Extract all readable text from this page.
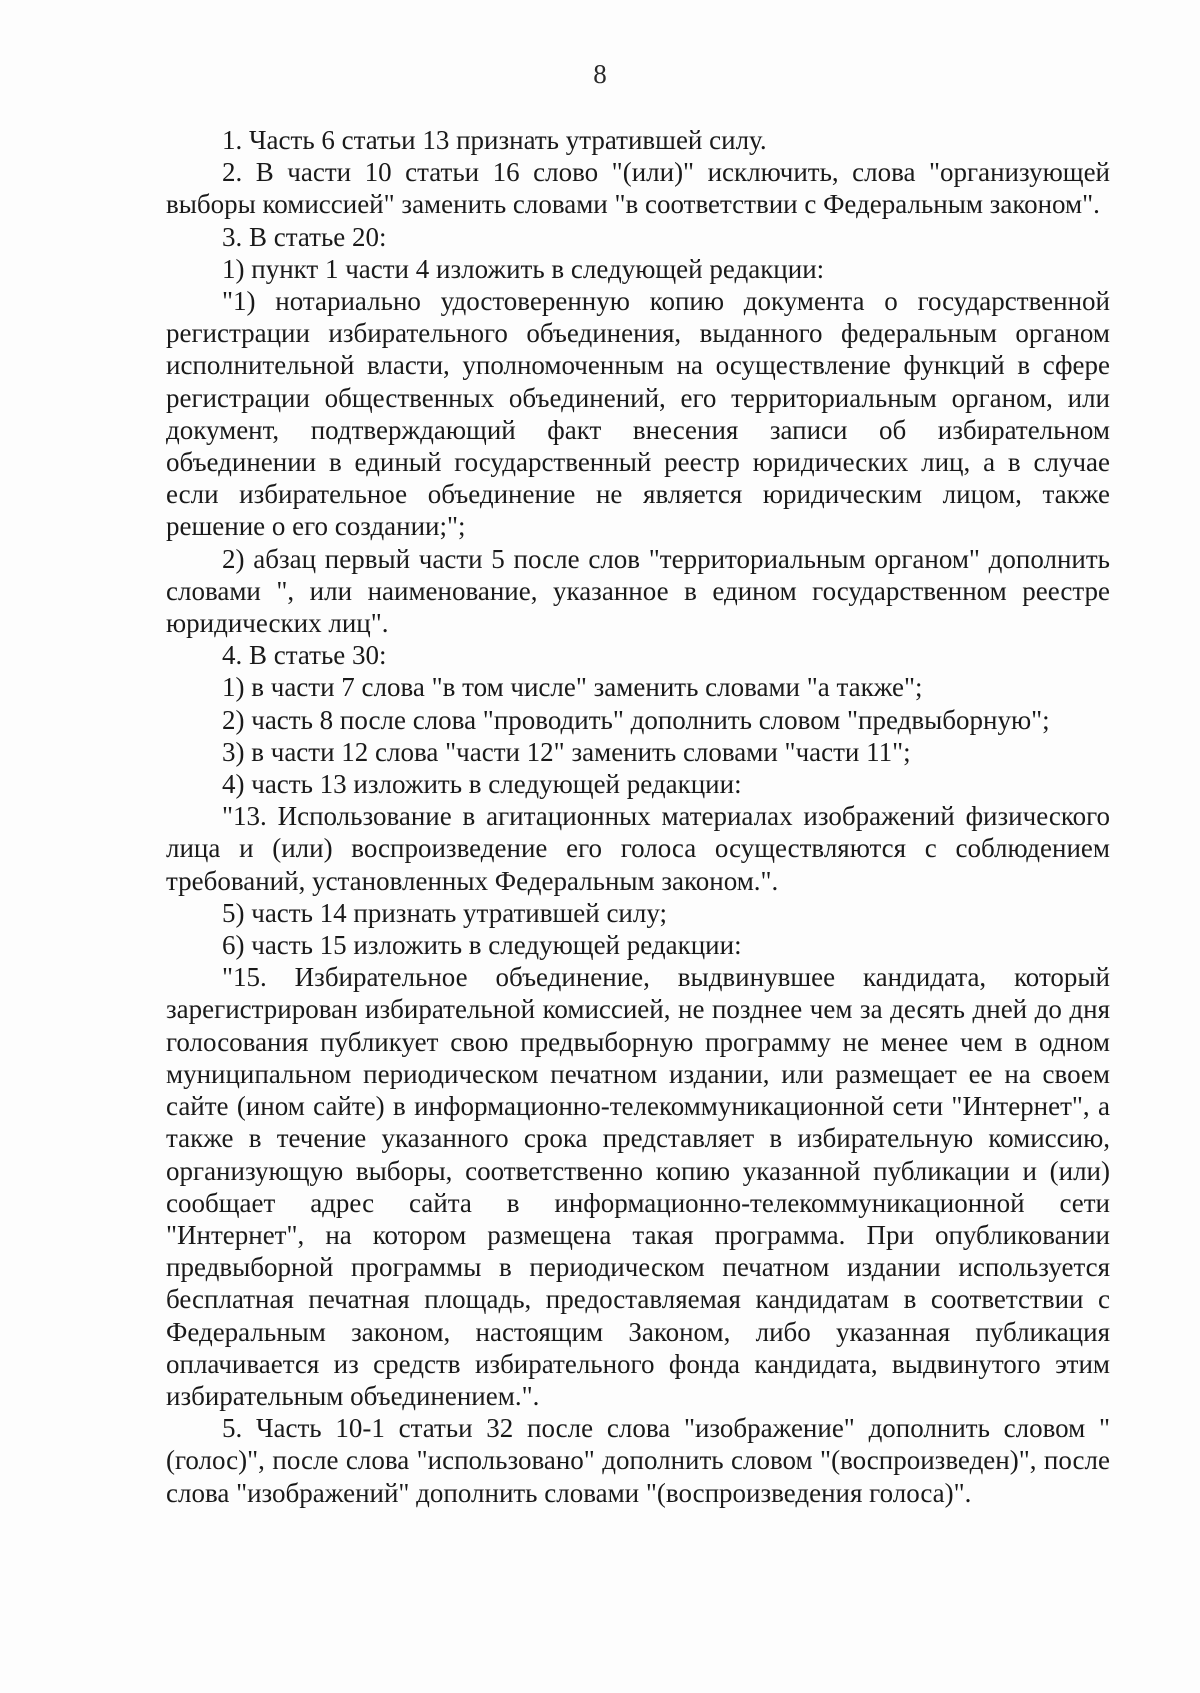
8

1. Часть 6 статьи 13 признать утратившей силу.

2. В части 10 статьи 16 слово "(или)" исключить, слова "организующей выборы комиссией" заменить словами "в соответствии с Федеральным законом".

3. В статье 20:

1) пункт 1 части 4 изложить в следующей редакции:

"1) нотариально удостоверенную копию документа о государственной регистрации избирательного объединения, выданного федеральным органом исполнительной власти, уполномоченным на осуществление функций в сфере регистрации общественных объединений, его территориальным органом, или документ, подтверждающий факт внесения записи об избирательном объединении в единый государственный реестр юридических лиц, а в случае если избирательное объединение не является юридическим лицом, также решение о его создании;";

2) абзац первый части 5 после слов "территориальным органом" дополнить словами ", или наименование, указанное в едином государственном реестре юридических лиц".

4. В статье 30:

1) в части 7 слова "в том числе" заменить словами "а также";

2) часть 8 после слова "проводить" дополнить словом "предвыборную";

3) в части 12 слова "части 12" заменить словами "части 11";

4) часть 13 изложить в следующей редакции:

"13. Использование в агитационных материалах изображений физического лица и (или) воспроизведение его голоса осуществляются с соблюдением требований, установленных Федеральным законом.".

5) часть 14 признать утратившей силу;

6) часть 15 изложить в следующей редакции:

"15. Избирательное объединение, выдвинувшее кандидата, который зарегистрирован избирательной комиссией, не позднее чем за десять дней до дня голосования публикует свою предвыборную программу не менее чем в одном муниципальном периодическом печатном издании, или размещает ее на своем сайте (ином сайте) в информационно-телекоммуникационной сети "Интернет", а также в течение указанного срока представляет в избирательную комиссию, организующую выборы, соответственно копию указанной публикации и (или) сообщает адрес сайта в информационно-телекоммуникационной сети "Интернет", на котором размещена такая программа. При опубликовании предвыборной программы в периодическом печатном издании используется бесплатная печатная площадь, предоставляемая кандидатам в соответствии с Федеральным законом, настоящим Законом, либо указанная публикация оплачивается из средств избирательного фонда кандидата, выдвинутого этим избирательным объединением.".

5. Часть 10-1 статьи 32 после слова "изображение" дополнить словом "(голос)", после слова "использовано" дополнить словом "(воспроизведен)", после слова "изображений" дополнить словами "(воспроизведения голоса)".
